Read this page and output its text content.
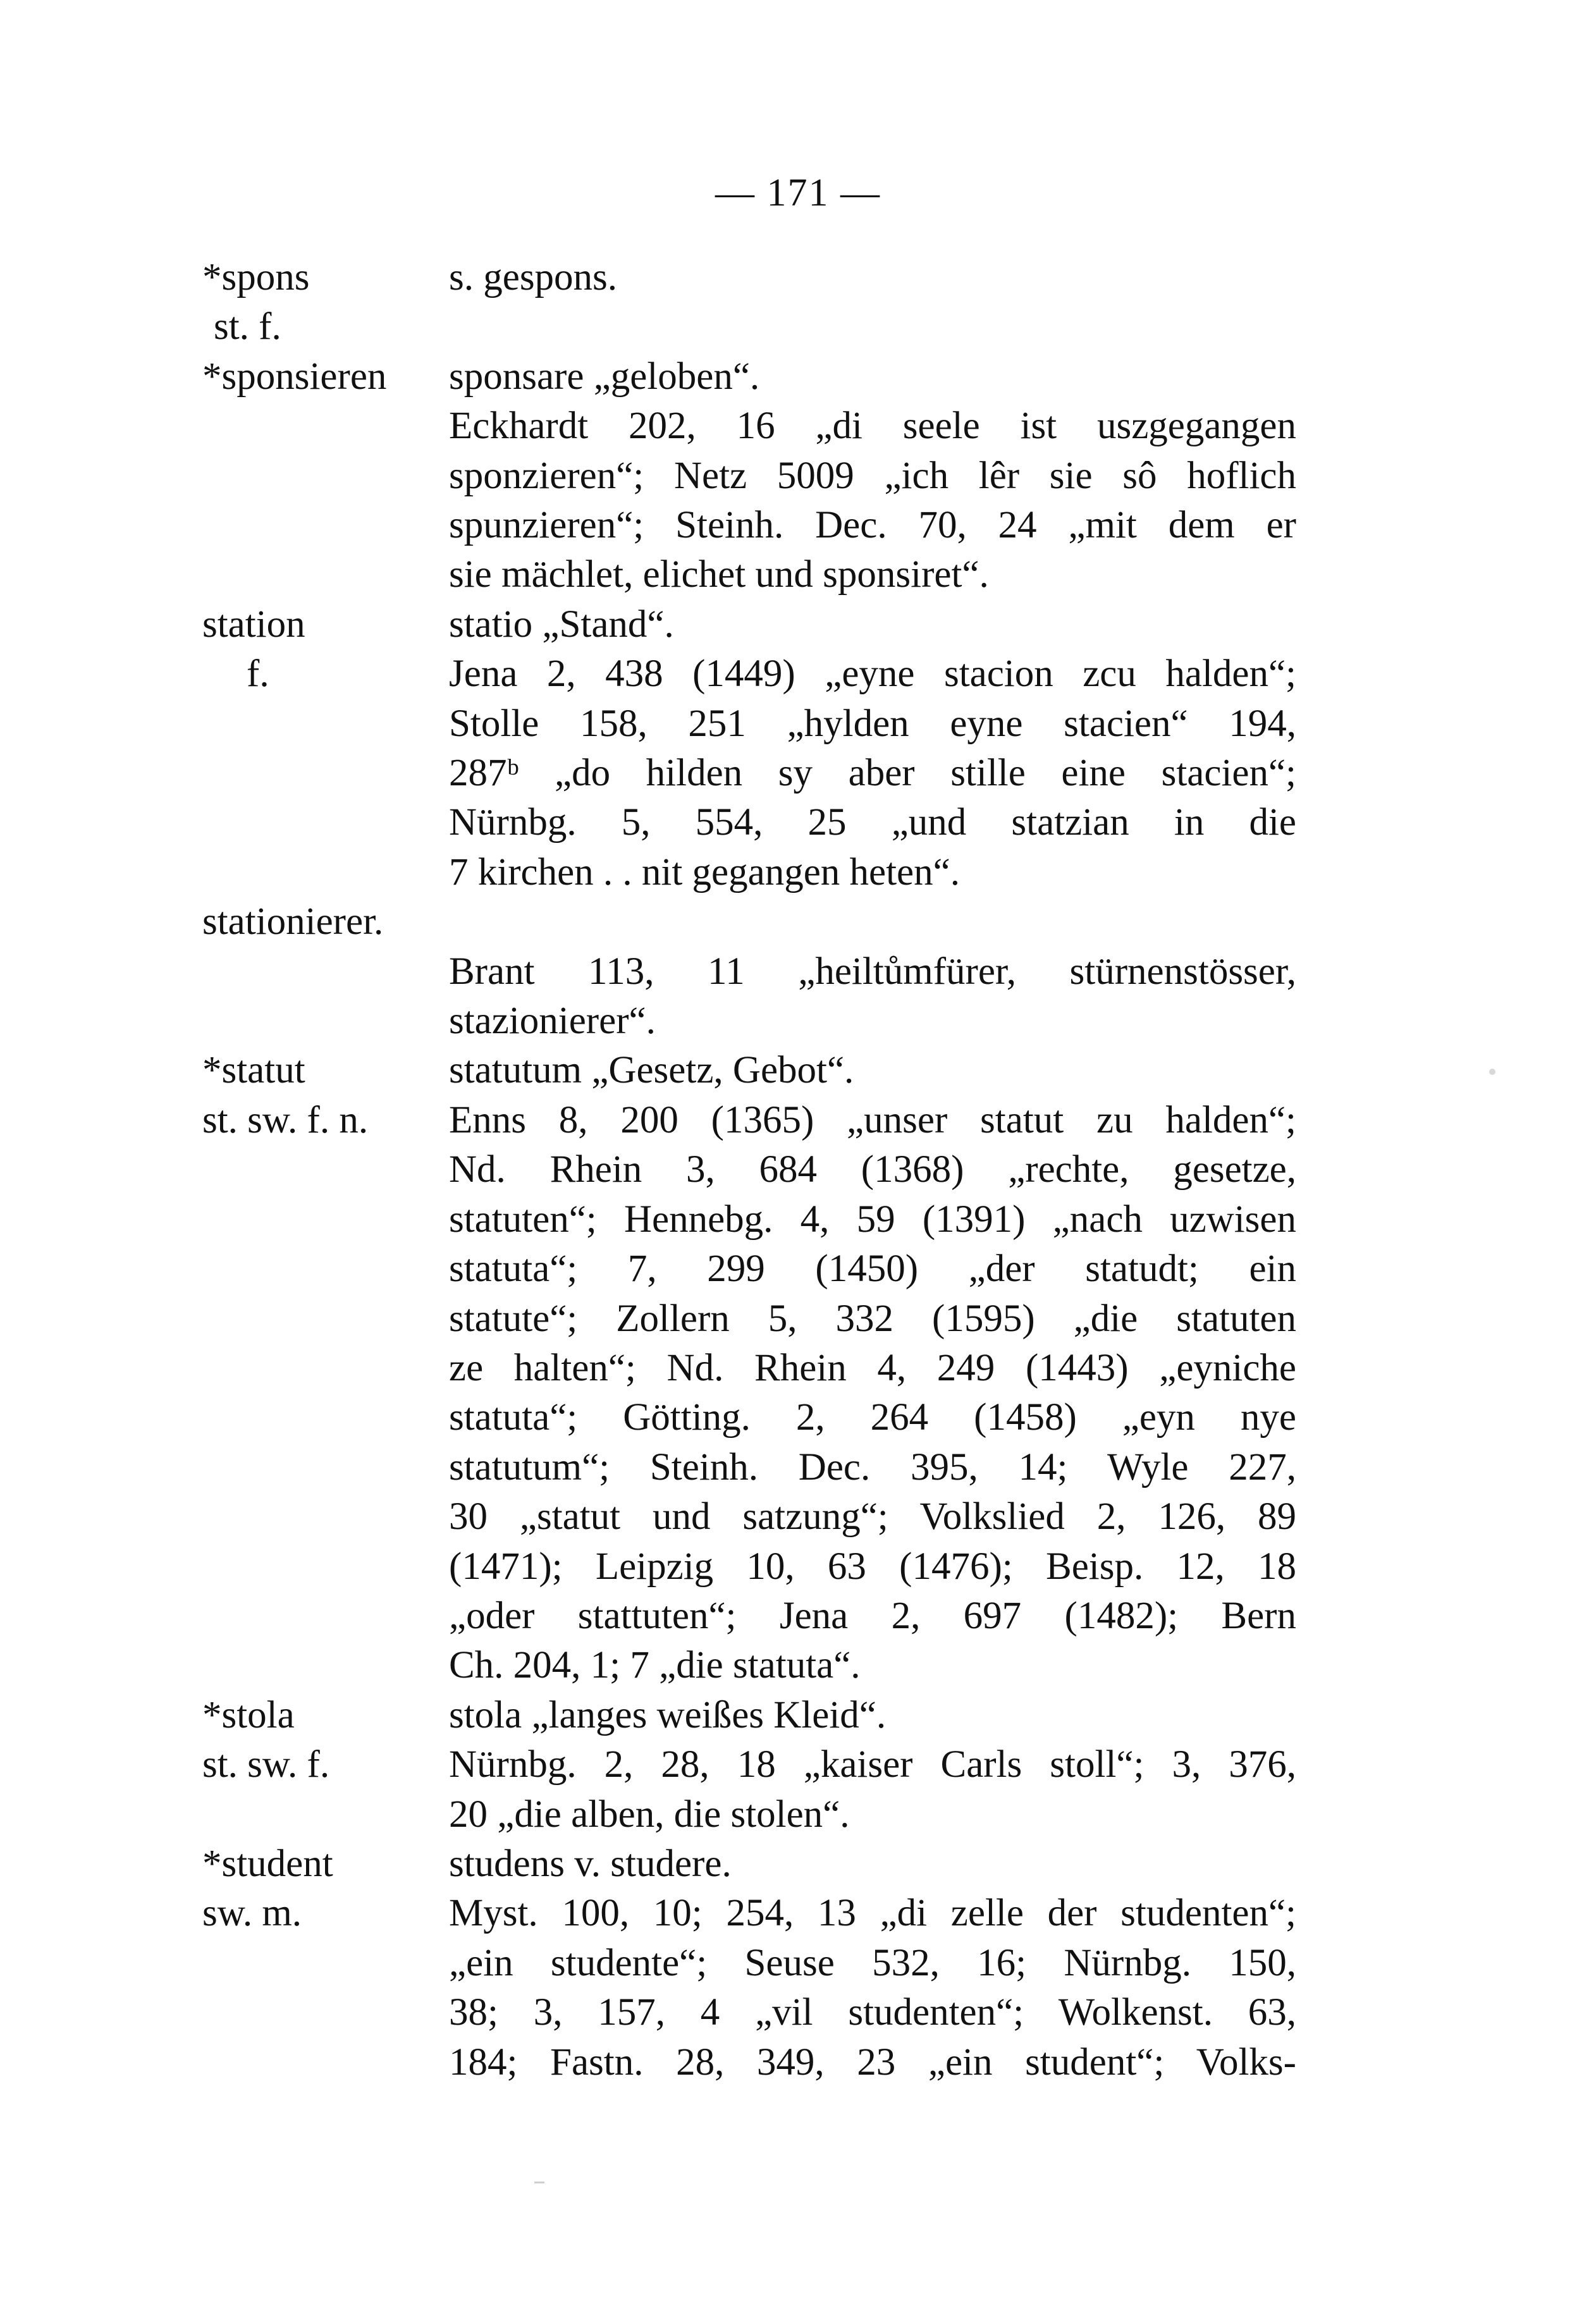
— 171 —
*spons
st. f.
s. gespons.
*sponsieren	sponsare „geloben“.
Eckhardt 202, 16 „di seele ist uszgegangen
sponzieren“; Netz 5009 „ich lêr sie sô hoflich
spunzieren“; Steinh. Dec. 70, 24 „mit dem er
sie mächlet, elichet und sponsiret“.
station
f.
statio „Stand“.
Jena 2, 438 (1449) „eyne stacion zcu halden“;
Stolle 158, 251 „hylden eyne stacien“ 194,
287ᵇ „do hilden sy aber stille eine stacien“;
Nürnbg. 5, 554, 25 „und statzian in die
7 kirchen . . nit gegangen heten“.
stationierer.
Brant 113, 11 „heiltůmfürer, stürnenstösser,
stazionierer“.
*statut
st. sw. f. n.
statutum „Gesetz, Gebot“.
Enns 8, 200 (1365) „unser statut zu halden“;
Nd. Rhein 3, 684 (1368) „rechte, gesetze,
statuten“; Hennebg. 4, 59 (1391) „nach uzwisen
statuta“; 7, 299 (1450) „der statudt; ein
statute“; Zollern 5, 332 (1595) „die statuten
ze halten“; Nd. Rhein 4, 249 (1443) „eyniche
statuta“; Götting. 2, 264 (1458) „eyn nye
statutum“; Steinh. Dec. 395, 14; Wyle 227,
30 „statut und satzung“; Volkslied 2, 126, 89
(1471); Leipzig 10, 63 (1476); Beisp. 12, 18
„oder stattuten“; Jena 2, 697 (1482); Bern
Ch. 204, 1; 7 „die statuta“.
*stola
st. sw. f.
stola „langes weißes Kleid“.
Nürnbg. 2, 28, 18 „kaiser Carls stoll“; 3, 376,
20 „die alben, die stolen“.
*student
sw. m.
studens v. studere.
Myst. 100, 10; 254, 13 „di zelle der studenten“;
„ein studente“; Seuse 532, 16; Nürnbg. 150,
38; 3, 157, 4 „vil studenten“; Wolkenst. 63,
184; Fastn. 28, 349, 23 „ein student“; Volks-
